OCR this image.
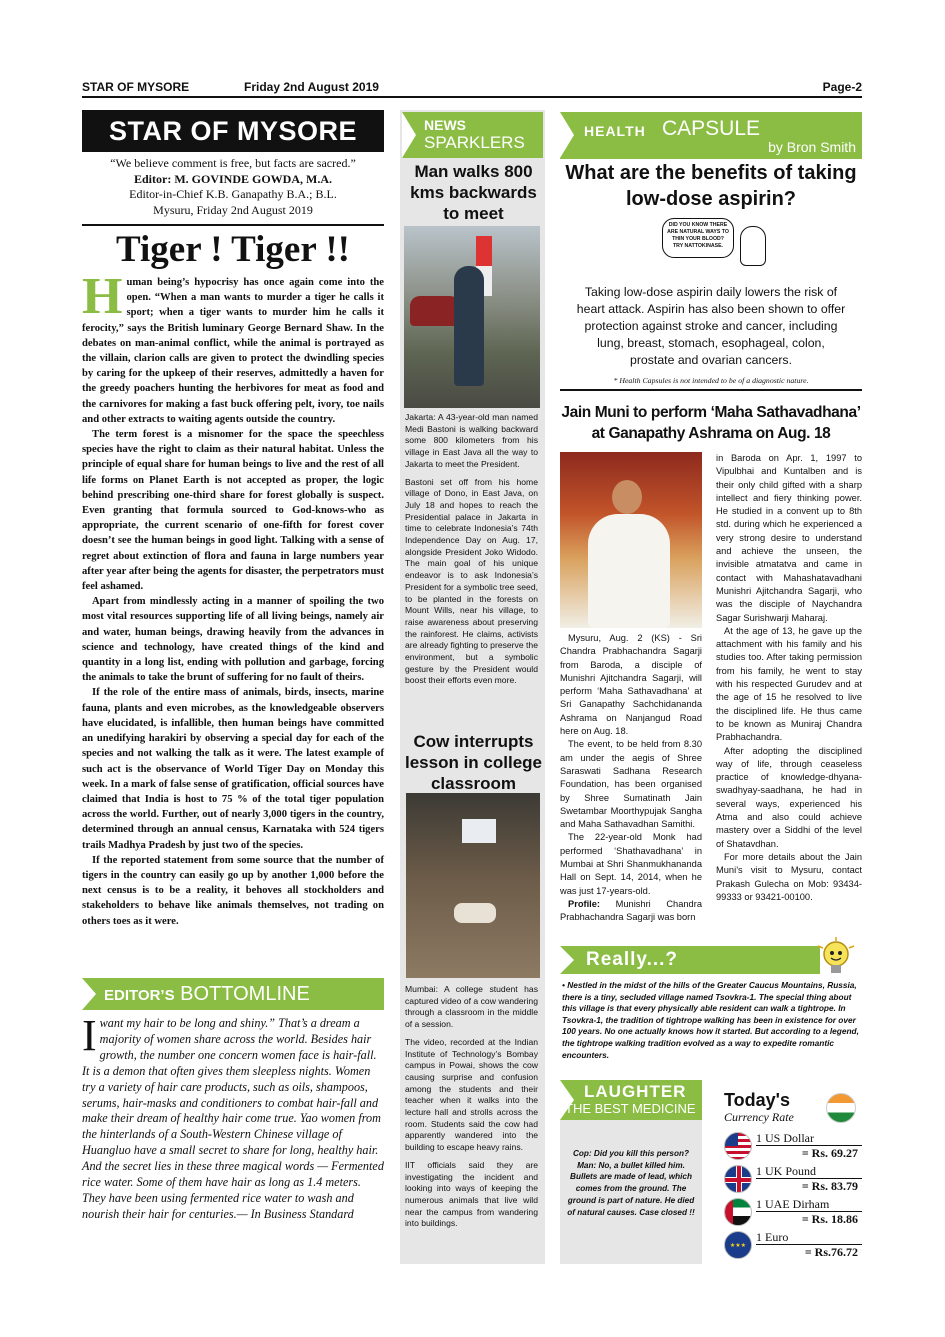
STAR OF MYSORE	Friday 2nd August 2019	Page-2
STAR OF MYSORE
“We believe comment is free, but facts are sacred.”
Editor: M. GOVINDE GOWDA, M.A.
Editor-in-Chief K.B. Ganapathy B.A.; B.L.
Mysuru, Friday 2nd August 2019
Tiger ! Tiger !!

Human being’s hypocrisy has once again come into the open. “When a man wants to murder a tiger he calls it sport; when a tiger wants to murder him he calls it ferocity,” says the British luminary George Bernard Shaw. In the debates on man-animal conflict, while the animal is portrayed as the villain, clarion calls are given to protect the dwindling species by caring for the upkeep of their reserves, admittedly a haven for the greedy poachers hunting the herbivores for meat as food and the carnivores for making a fast buck offering pelt, ivory, toe nails and other extracts to waiting agents outside the country.

The term forest is a misnomer for the space the speechless species have the right to claim as their natural habitat. Unless the principle of equal share for human beings to live and the rest of all life forms on Planet Earth is not accepted as proper, the logic behind prescribing one-third share for forest globally is suspect. Even granting that formula sourced to God-knows-who as appropriate, the current scenario of one-fifth for forest cover doesn’t see the human beings in good light. Talking with a sense of regret about extinction of flora and fauna in large numbers year after year after being the agents for disaster, the perpetrators must feel ashamed.

Apart from mindlessly acting in a manner of spoiling the two most vital resources supporting life of all living beings, namely air and water, human beings, drawing heavily from the advances in science and technology, have created things of the kind and quantity in a long list, ending with pollution and garbage, forcing the animals to take the brunt of suffering for no fault of theirs.

If the role of the entire mass of animals, birds, insects, marine fauna, plants and even microbes, as the knowledgeable observers have elucidated, is infallible, then human beings have committed an unedifying harakiri by observing a special day for each of the species and not walking the talk as it were. The latest example of such act is the observance of World Tiger Day on Monday this week. In a mark of false sense of gratification, official sources have claimed that India is host to 75 % of the total tiger population across the world. Further, out of nearly 3,000 tigers in the country, determined through an annual census, Karnataka with 524 tigers trails Madhya Pradesh by just two of the species.

If the reported statement from some source that the number of tigers in the country can easily go up by another 1,000 before the next census is to be a reality, it behoves all stockholders and stakeholders to behave like animals themselves, not trading on others toes as it were.

EDITOR’S BOTTOMLINE
Iwant my hair to be long and shiny.” That’s a dream a majority of women share across the world. Besides hair growth, the number one concern women face is hair-fall. It is a demon that often gives them sleepless nights. Women try a variety of hair care products, such as oils, shampoos, serums, hair-masks and conditioners to combat hair-fall and make their dream of healthy hair come true. Yao women from the hinterlands of a South-Western Chinese village of Huangluo have a small secret to share for long, healthy hair. And the secret lies in these three magical words — Fermented rice water. Some of them have hair as long as 1.4 meters. They have been using fermented rice water to wash and nourish their hair for centuries.— In Business Standard
NEWS
SPARKLERS
Man walks 800 kms backwards to meet

Jakarta: A 43-year-old man named Medi Bastoni is walking backward some 800 kilometers from his village in East Java all the way to Jakarta to meet the President.

Bastoni set off from his home village of Dono, in East Java, on July 18 and hopes to reach the Presidential palace in Jakarta in time to celebrate Indonesia’s 74th Independence Day on Aug. 17, alongside President Joko Widodo. The main goal of his unique endeavor is to ask Indonesia’s President for a symbolic tree seed, to be planted in the forests on Mount Wills, near his village, to raise awareness about preserving the rainforest. He claims, activists are already fighting to preserve the environment, but a symbolic gesture by the President would boost their efforts even more.

Cow interrupts lesson in college classroom

Mumbai: A college student has captured video of a cow wandering through a classroom in the middle of a session.

The video, recorded at the Indian Institute of Technology’s Bombay campus in Powai, shows the cow causing surprise and confusion among the students and their teacher when it walks into the lecture hall and strolls across the room. Students said the cow had apparently wandered into the building to escape heavy rains.

IIT officials said they are investigating the incident and looking into ways of keeping the numerous animals that live wild near the campus from wandering into buildings.

HEALTH CAPSULE
by Bron Smith
What are the benefits of taking low-dose aspirin?
DID YOU KNOW THERE ARE NATURAL WAYS TO THIN YOUR BLOOD? TRY NATTOKINASE.
Taking low-dose aspirin daily lowers the risk of heart attack. Aspirin has also been shown to offer protection against stroke and cancer, including lung, breast, stomach, esophageal, colon, prostate and ovarian cancers.
* Health Capsules is not intended to be of a diagnostic nature.
Jain Muni to perform ‘Maha Sathavadhana’ at Ganapathy Ashrama on Aug. 18

Mysuru, Aug. 2 (KS) - Sri Chandra Prabhachandra Sagarji from Baroda, a disciple of Munishri Ajitchandra Sagarji, will perform ‘Maha Sathavadhana’ at Sri Ganapathy Sachchidananda Ashrama on Nanjangud Road here on Aug. 18.

The event, to be held from 8.30 am under the aegis of Shree Saraswati Sadhana Research Foundation, has been organised by Shree Sumatinath Jain Swetambar Moorthypujak Sangha and Maha Sathavadhan Samithi.

The 22-year-old Monk had performed ‘Shathavadhana’ in Mumbai at Shri Shanmukhananda Hall on Sept. 14, 2014, when he was just 17-years-old.

Profile: Munishri Chandra Prabhachandra Sagarji was born

in Baroda on Apr. 1, 1997 to Vipulbhai and Kuntalben and is their only child gifted with a sharp intellect and fiery thinking power. He studied in a convent up to 8th std. during which he experienced a very strong desire to understand and achieve the unseen, the invisible atmatatva and came in contact with Mahashatavadhani Munishri Ajitchandra Sagarji, who was the disciple of Naychandra Sagar Surishwarji Maharaj.

At the age of 13, he gave up the attachment with his family and his studies too. After taking permission from his family, he went to stay with his respected Gurudev and at the age of 15 he resolved to live the disciplined life. He thus came to be known as Muniraj Chandra Prabhachandra.

After adopting the disciplined way of life, through ceaseless practice of knowledge-dhyana-swadhyay-saadhana, he had in several ways, experienced his Atma and also could achieve mastery over a Siddhi of the level of Shatavdhan.

For more details about the Jain Muni’s visit to Mysuru, contact Prakash Gulecha on Mob: 93434-99333 or 93421-00100.

Really...?
• Nestled in the midst of the hills of the Greater Caucus Mountains, Russia, there is a tiny, secluded village named Tsovkra-1. The special thing about this village is that every physically able resident can walk a tightrope. In Tsovkra-1, the tradition of tightrope walking has been in existence for over 100 years. No one actually knows how it started. But according to a legend, the tightrope walking tradition evolved as a way to expedite romantic encounters.
LAUGHTER
THE BEST MEDICINE
Cop: Did you kill this person? Man: No, a bullet killed him. Bullets are made of lead, which comes from the ground. The ground is part of nature. He died of natural causes. Case closed !!
Today's
Currency Rate
1 US Dollar
= Rs. 69.27
1 UK Pound
= Rs. 83.79
1 UAE Dirham
= Rs. 18.86
★★★
1 Euro
= Rs.76.72
